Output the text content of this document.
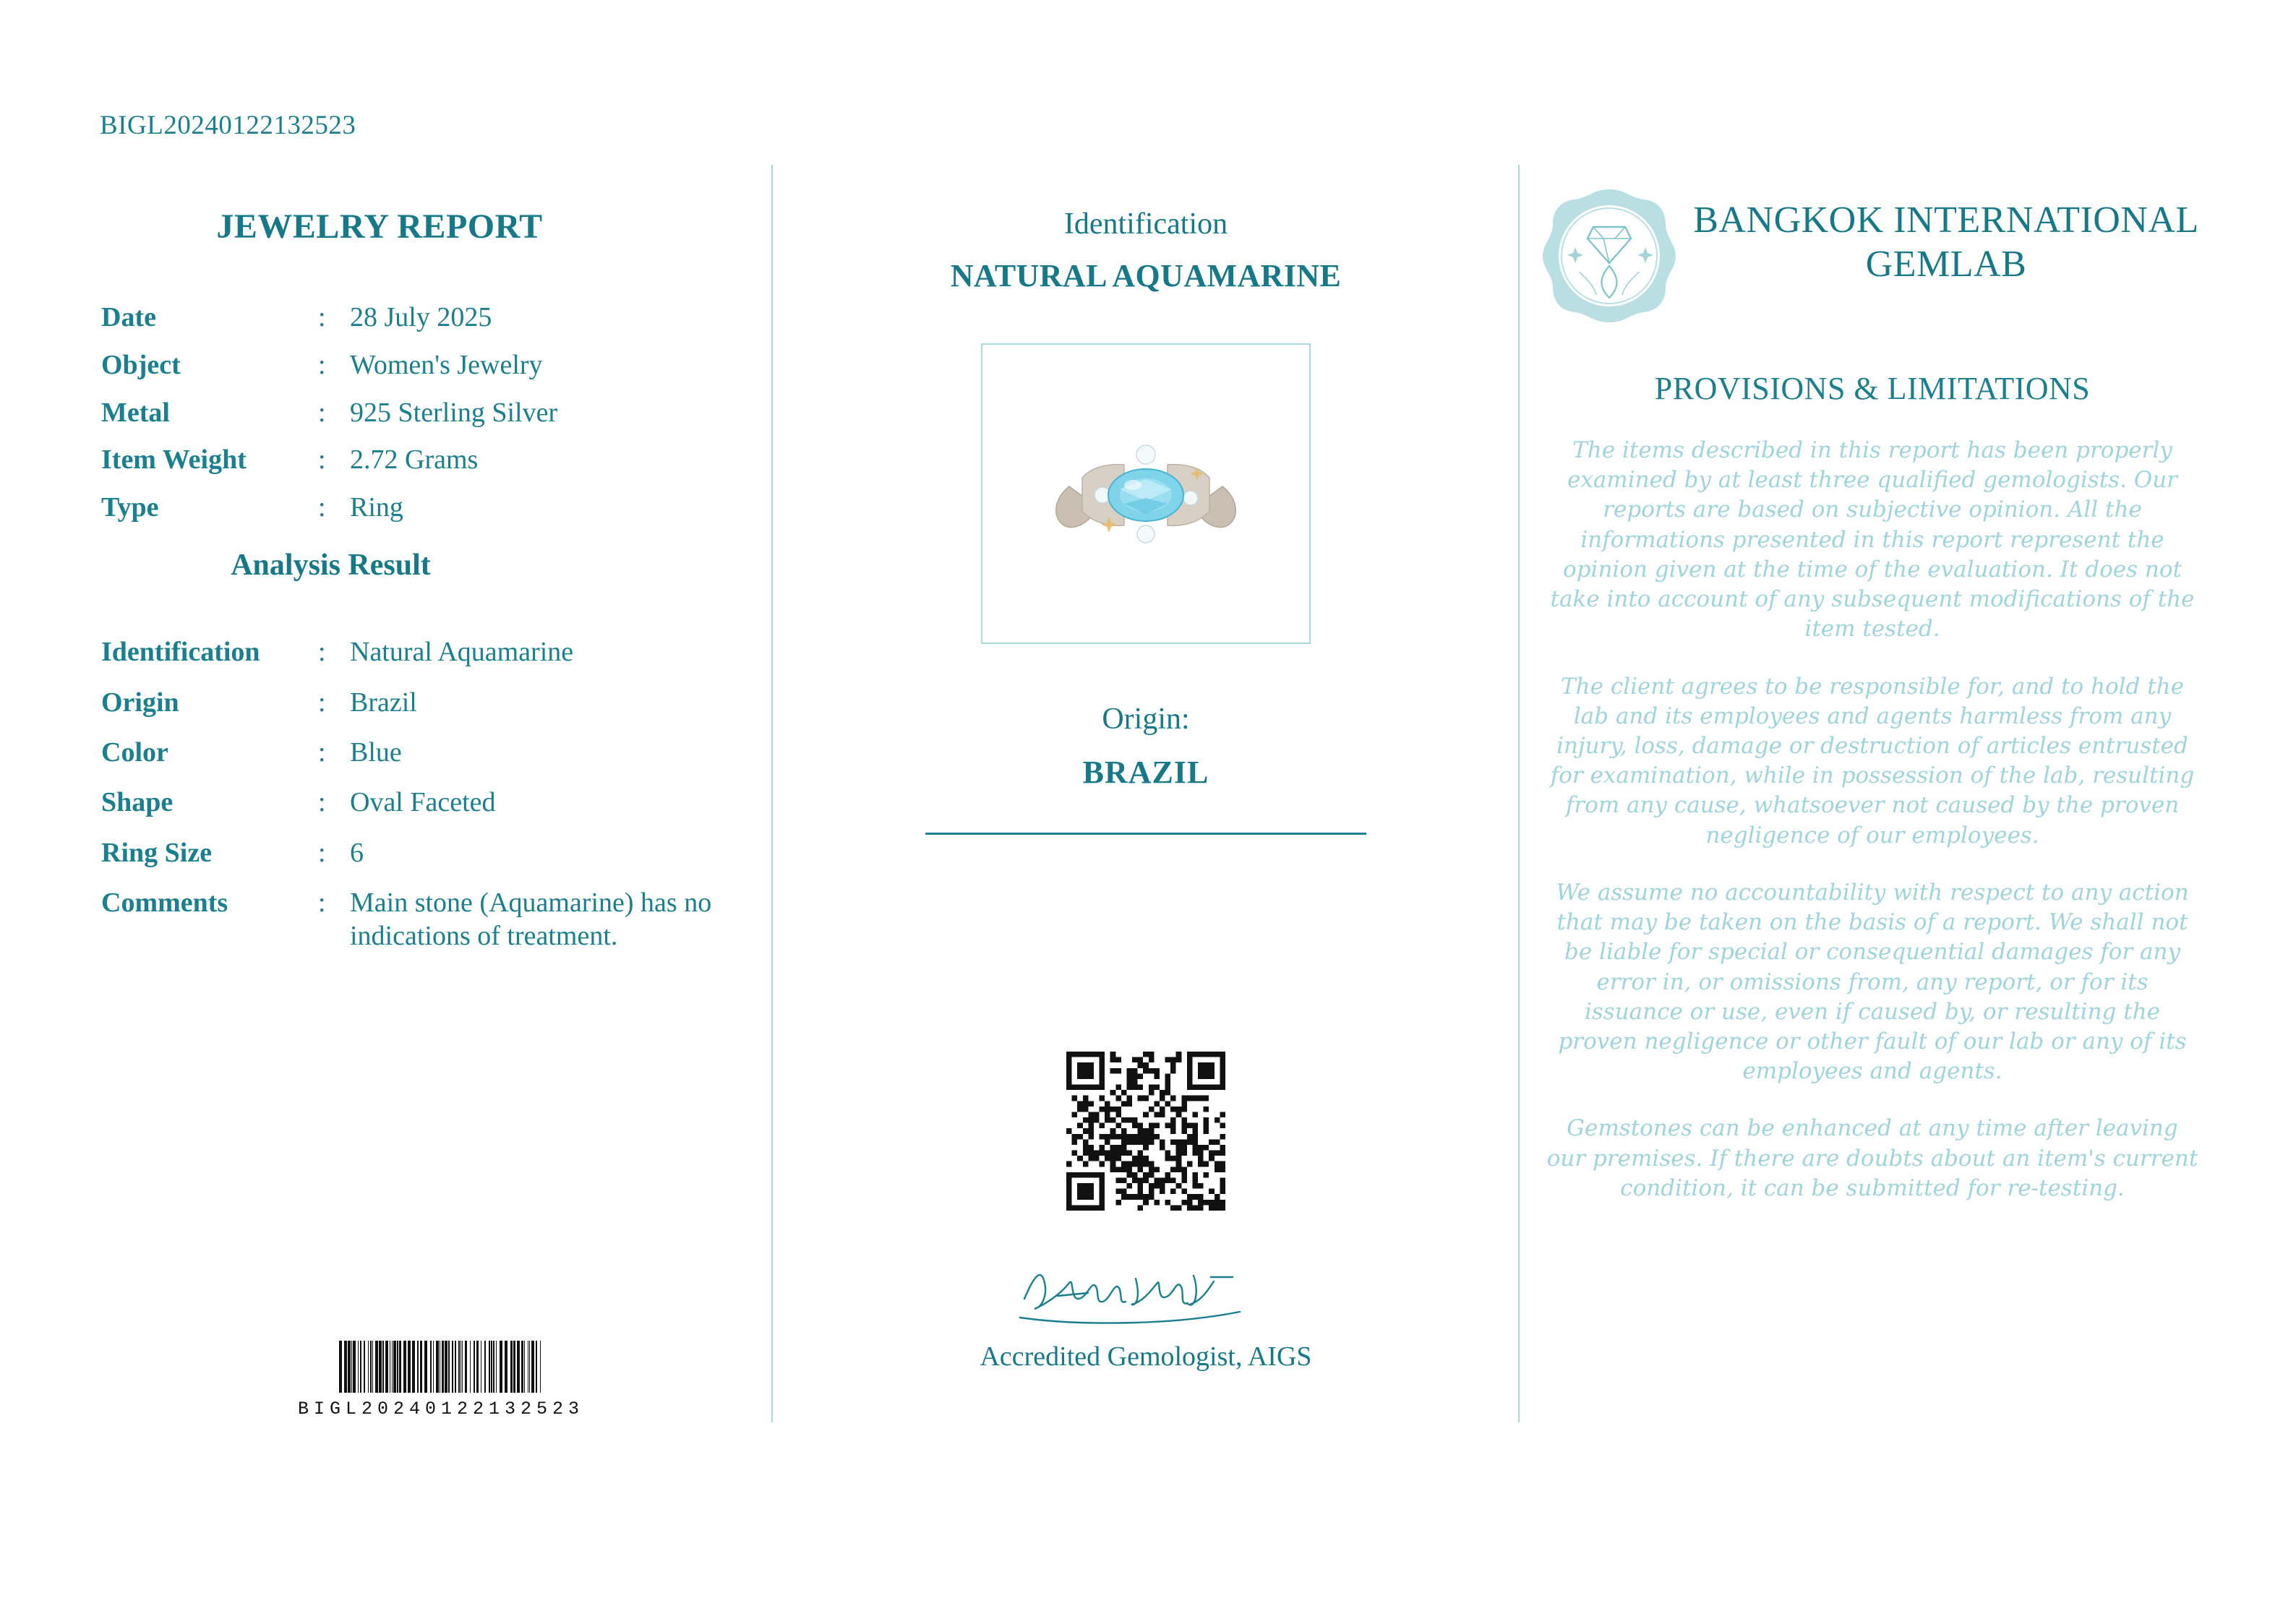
BIGL20240122132523
JEWELRY REPORT
Date	:	28 July 2025
Object	:	Women's Jewelry
Metal	:	925 Sterling Silver
Item Weight	:	2.72 Grams
Type	:	Ring
Analysis Result
Identification	:	Natural Aquamarine
Origin	:	Brazil
Color	:	Blue
Shape	:	Oval Faceted
Ring Size	:	6
Comments	:	Main stone (Aquamarine) has no indications of treatment.
BIGL20240122132523
Identification
NATURAL AQUAMARINE
Origin:
BRAZIL
Accredited Gemologist, AIGS
BANGKOK INTERNATIONAL GEMLAB
PROVISIONS & LIMITATIONS
The items described in this report has been properly examined by at least three qualified gemologists. Our reports are based on subjective opinion. All the informations presented in this report represent the opinion given at the time of the evaluation. It does not take into account of any subsequent modifications of the item tested.
The client agrees to be responsible for, and to hold the lab and its employees and agents harmless from any injury, loss, damage or destruction of articles entrusted for examination, while in possession of the lab, resulting from any cause, whatsoever not caused by the proven negligence of our employees.
We assume no accountability with respect to any action that may be taken on the basis of a report. We shall not be liable for special or consequential damages for any error in, or omissions from, any report, or for its issuance or use, even if caused by, or resulting the proven negligence or other fault of our lab or any of its employees and agents.
Gemstones can be enhanced at any time after leaving our premises. If there are doubts about an item's current condition, it can be submitted for re-testing.
